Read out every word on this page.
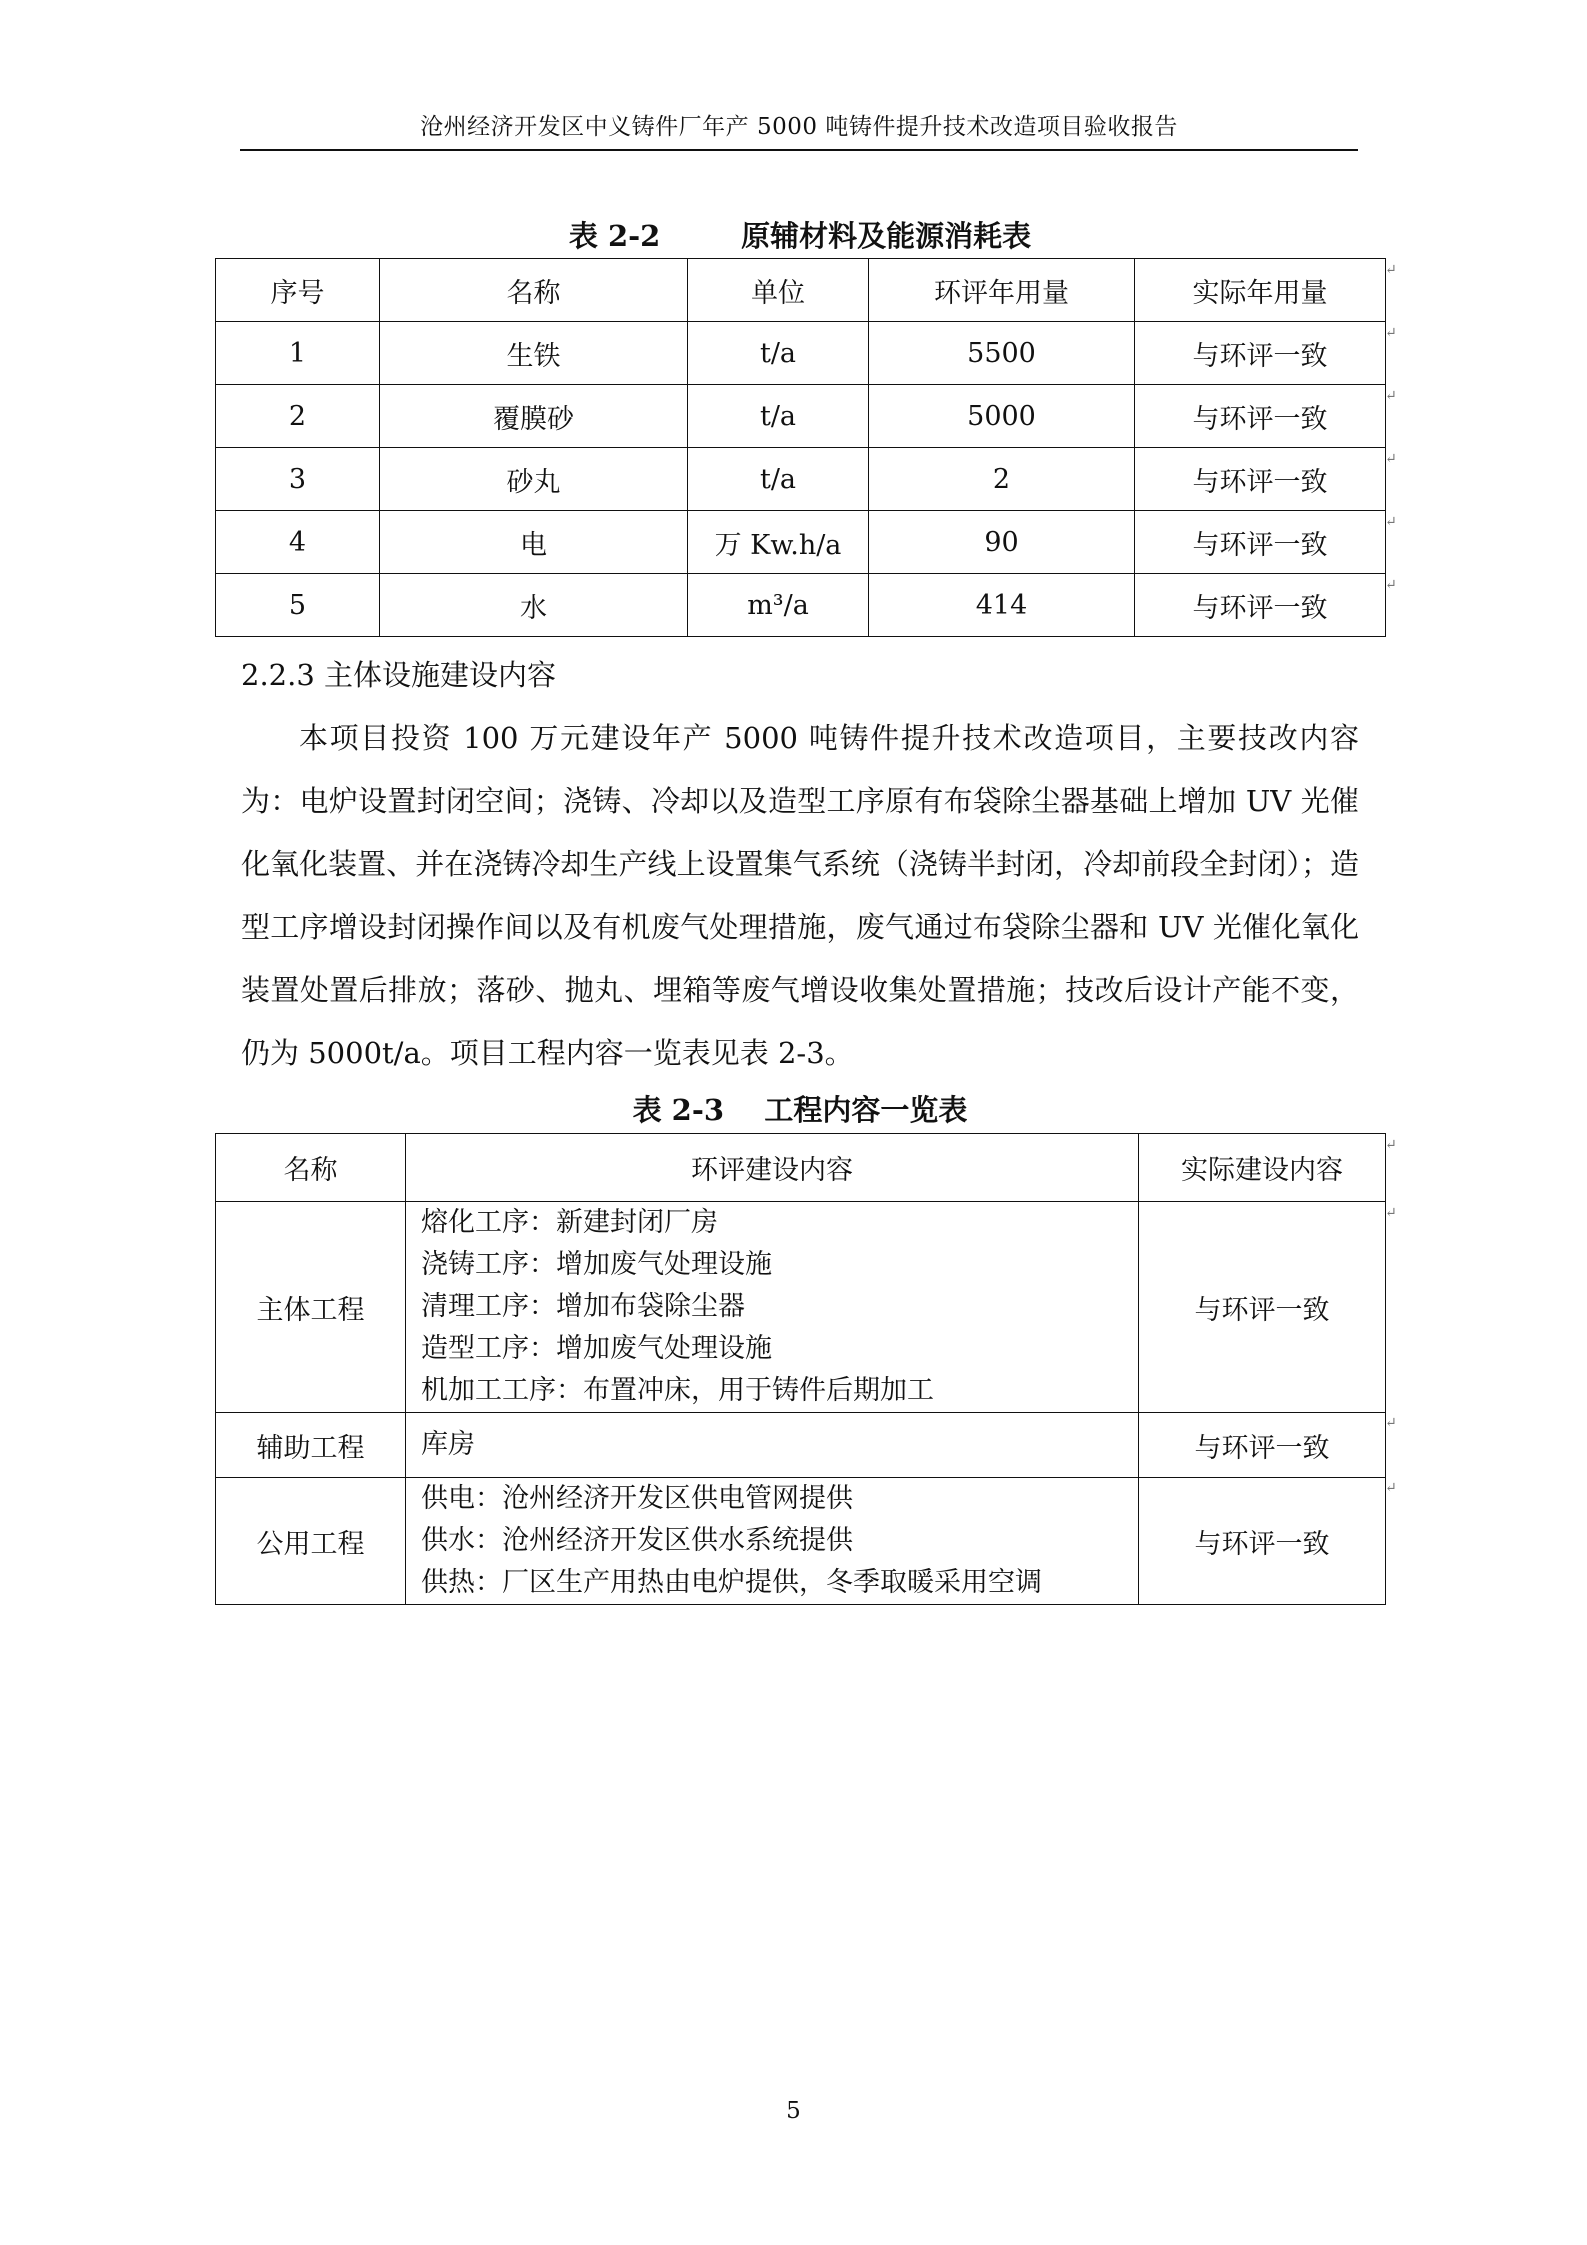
沧州经济开发区中义铸件厂年产 5000 吨铸件提升技术改造项目验收报告
表 2-2        原辅材料及能源消耗表
序号	名称	单位	环评年用量	实际年用量
1	生铁	t/a	5500	与环评一致
2	覆膜砂	t/a	5000	与环评一致
3	砂丸	t/a	2	与环评一致
4	电	万 Kw.h/a	90	与环评一致
5	水	m³/a	414	与环评一致
2.2.3 主体设施建设内容
本项目投资 100 万元建设年产 5000 吨铸件提升技术改造项目，主要技改内容为：电炉设置封闭空间；浇铸、冷却以及造型工序原有布袋除尘器基础上增加 UV 光催化氧化装置、并在浇铸冷却生产线上设置集气系统（浇铸半封闭，冷却前段全封闭）；造型工序增设封闭操作间以及有机废气处理措施，废气通过布袋除尘器和 UV 光催化氧化装置处置后排放；落砂、抛丸、埋箱等废气增设收集处置措施；技改后设计产能不变，仍为 5000t/a。项目工程内容一览表见表 2-3。
表 2-3    工程内容一览表
名称	环评建设内容	实际建设内容
主体工程	熔化工序：新建封闭厂房
浇铸工序：增加废气处理设施
清理工序：增加布袋除尘器
造型工序：增加废气处理设施
机加工工序：布置冲床，用于铸件后期加工	与环评一致
辅助工程	库房	与环评一致
公用工程	供电：沧州经济开发区供电管网提供
供水：沧州经济开发区供水系统提供
供热：厂区生产用热由电炉提供，冬季取暖采用空调	与环评一致
↵
↵
↵
↵
↵
↵
↵
↵
↵
↵
5
